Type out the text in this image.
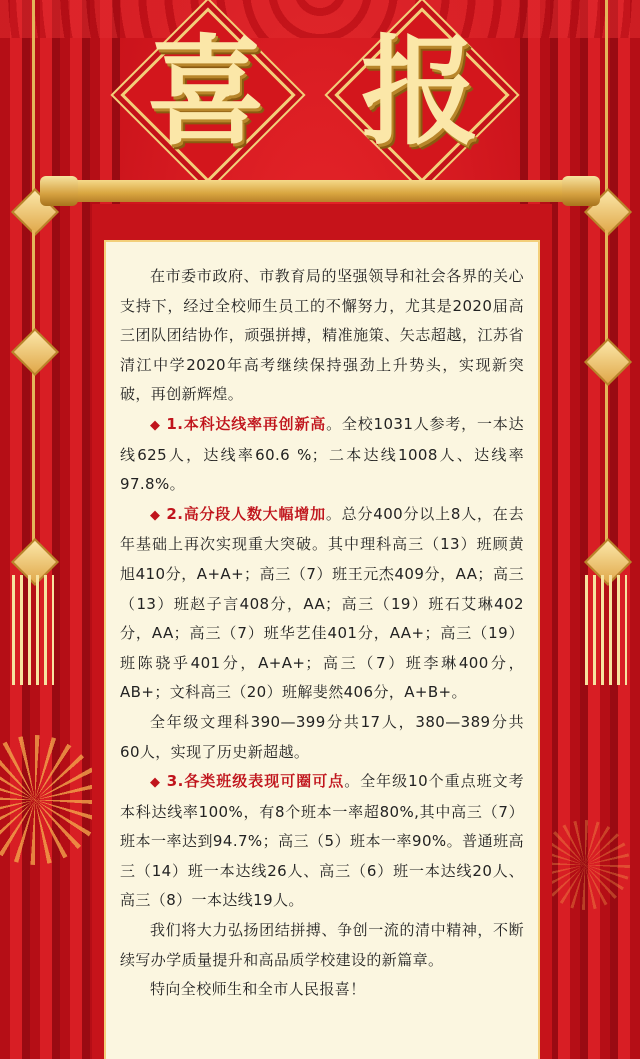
喜 报

在市委市政府、市教育局的坚强领导和社会各界的关心支持下，经过全校师生员工的不懈努力，尤其是2020届高三团队团结协作，顽强拼搏，精准施策、矢志超越，江苏省清江中学2020年高考继续保持强劲上升势头，实现新突破，再创新辉煌。

◆ 1.本科达线率再创新高。全校1031人参考，一本达线625人，达线率60.6 %；二本达线1008人、达线率97.8%。

◆ 2.高分段人数大幅增加。总分400分以上8人，在去年基础上再次实现重大突破。其中理科高三（13）班顾黄旭410分，A+A+；高三（7）班王元杰409分，AA；高三（13）班赵子言408分，AA；高三（19）班石艾琳402分，AA；高三（7）班华艺佳401分，AA+；高三（19）班陈骁乎401分，A+A+；高三（7）班李琳400分，AB+；文科高三（20）班解斐然406分，A+B+。

全年级文理科390—399分共17人，380—389分共60人，实现了历史新超越。

◆ 3.各类班级表现可圈可点。全年级10个重点班文考本科达线率100%，有8个班本一率超80%,其中高三（7）班本一率达到94.7%；高三（5）班本一率90%。普通班高三（14）班一本达线26人、高三（6）班一本达线20人、高三（8）一本达线19人。

我们将大力弘扬团结拼搏、争创一流的清中精神，不断续写办学质量提升和高品质学校建设的新篇章。

特向全校师生和全市人民报喜！
